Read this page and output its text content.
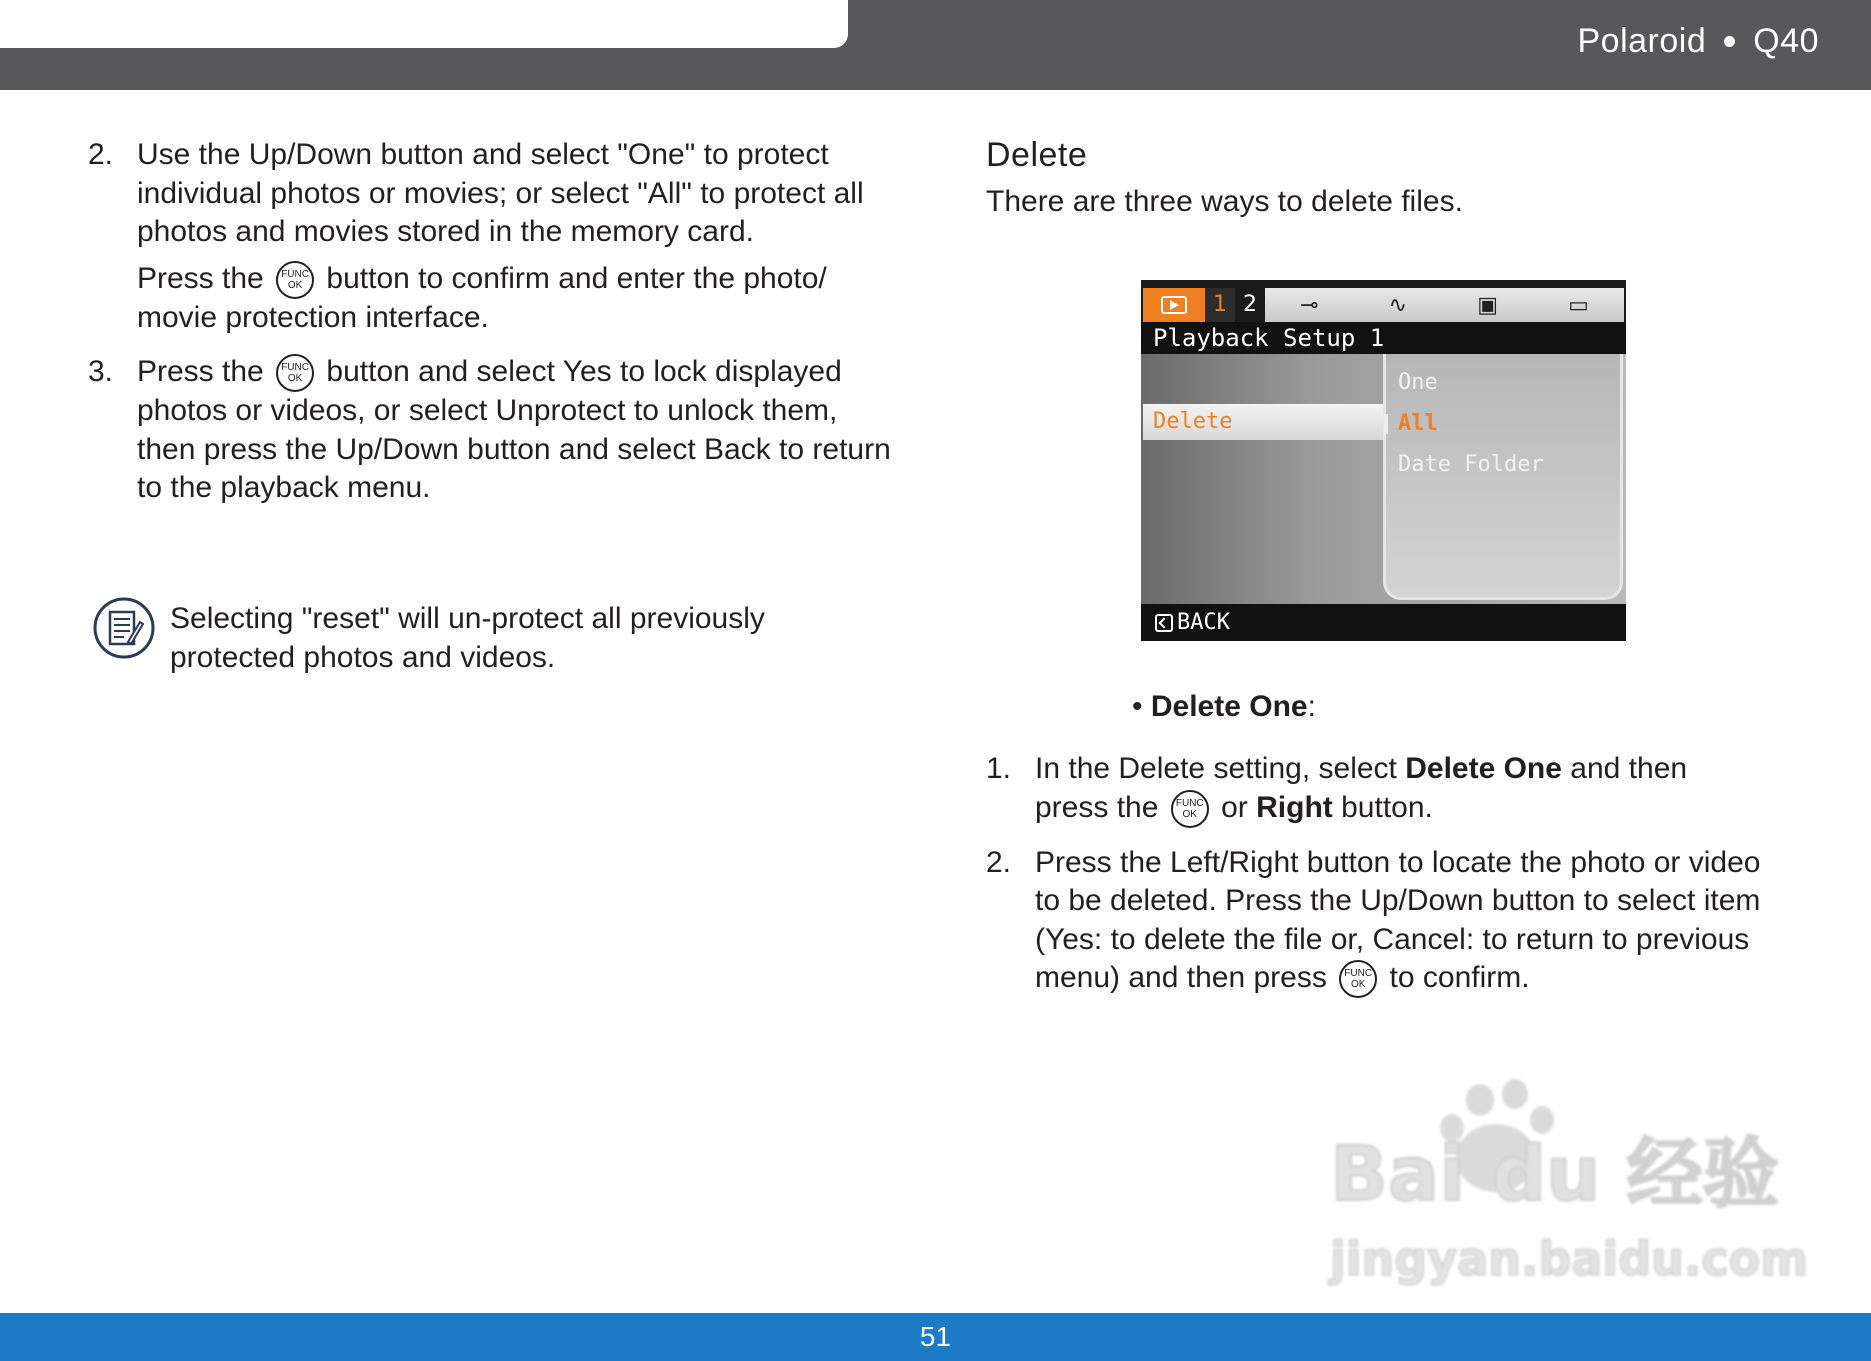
Polaroid Q40
2. Use the Up/Down button and select "One" to protect individual photos or movies; or select "All" to protect all photos and movies stored in the memory card.
Press the FUNC
OK button to confirm and enter the photo/ movie protection interface.
3. Press the FUNC
OK button and select Yes to lock displayed photos or videos, or select Unprotect to unlock them, then press the Up/Down button and select Back to return to the playback menu.
Selecting "reset" will un-protect all previously protected photos and videos.
Delete
There are three ways to delete files.
1 2	⊸	∿	▣	▭
Playback Setup 1
Delete
One
All
Date Folder
BACK
• Delete One:
1. In the Delete setting, select Delete One and then press the FUNC
OK or Right button.
2. Press the Left/Right button to locate the photo or video to be deleted. Press the Up/Down button to select item (Yes: to delete the file or, Cancel: to return to previous menu) and then press FUNC
OK to confirm.
Bai du 经验
jingyan.baidu.com
51
